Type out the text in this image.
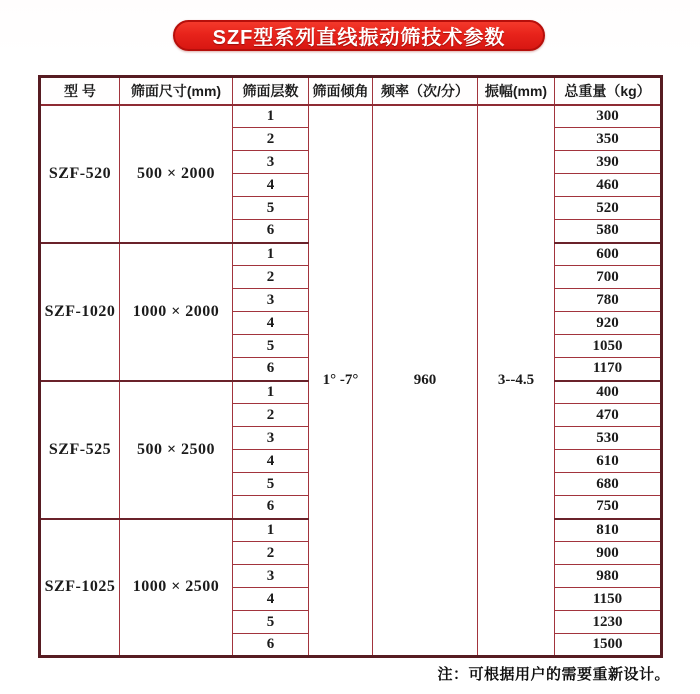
SZF型系列直线振动筛技术参数
型 号	筛面尺寸(mm)	筛面层数	筛面倾角	频率（次/分）	振幅(mm)	总重量（kg）
SZF-520	500 × 2000	1	1° -7°	960	3--4.5	300
		2				350
		3				390
		4				460
		5				520
		6				580
SZF-1020	1000 × 2000	1				600
		2				700
		3				780
		4				920
		5				1050
		6				1170
SZF-525	500 × 2500	1				400
		2				470
		3				530
		4				610
		5				680
		6				750
SZF-1025	1000 × 2500	1				810
		2				900
		3				980
		4				1150
		5				1230
		6				1500
注：可根据用户的需要重新设计。
